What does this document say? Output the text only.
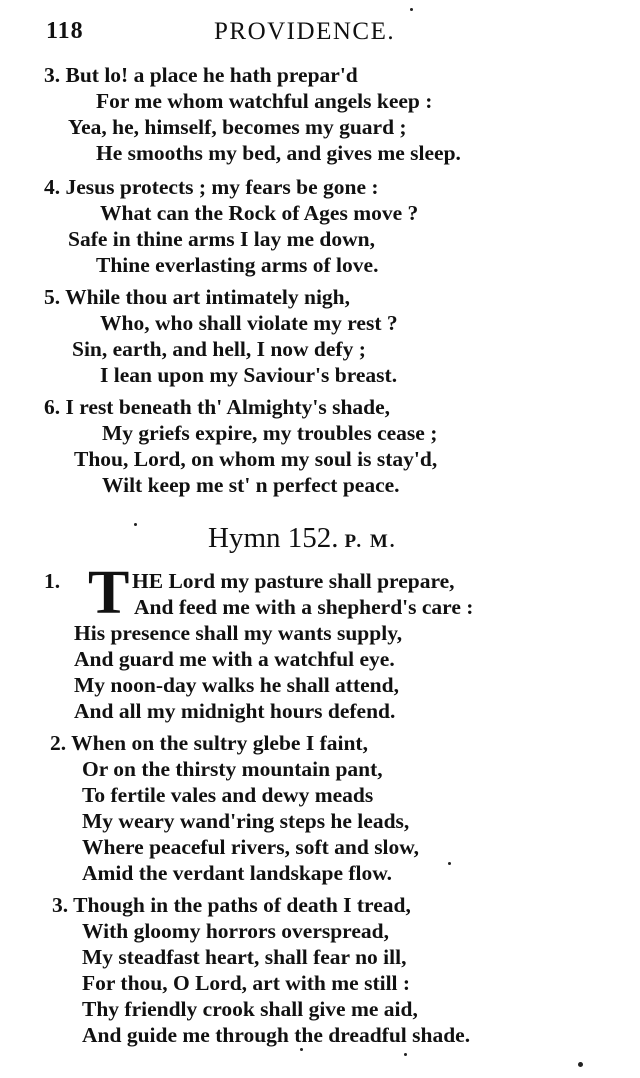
118	PROVIDENCE.
3. But lo! a place he hath prepar'd
For me whom watchful angels keep :
Yea, he, himself, becomes my guard ;
He smooths my bed, and gives me sleep.
4. Jesus protects ; my fears be gone :
What can the Rock of Ages move ?
Safe in thine arms I lay me down,
Thine everlasting arms of love.
5. While thou art intimately nigh,
Who, who shall violate my rest ?
Sin, earth, and hell, I now defy ;
I lean upon my Saviour's breast.
6. I rest beneath th' Almighty's shade,
My griefs expire, my troubles cease ;
Thou, Lord, on whom my soul is stay'd,
Wilt keep me st' n perfect peace.
Hymn 152. P. M.
1. T HE Lord my pasture shall prepare,
And feed me with a shepherd's care :
His presence shall my wants supply,
And guard me with a watchful eye.
My noon-day walks he shall attend,
And all my midnight hours defend.
2. When on the sultry glebe I faint,
Or on the thirsty mountain pant,
To fertile vales and dewy meads
My weary wand'ring steps he leads,
Where peaceful rivers, soft and slow,
Amid the verdant landskape flow.
3. Though in the paths of death I tread,
With gloomy horrors overspread,
My steadfast heart, shall fear no ill,
For thou, O Lord, art with me still :
Thy friendly crook shall give me aid,
And guide me through the dreadful shade.
